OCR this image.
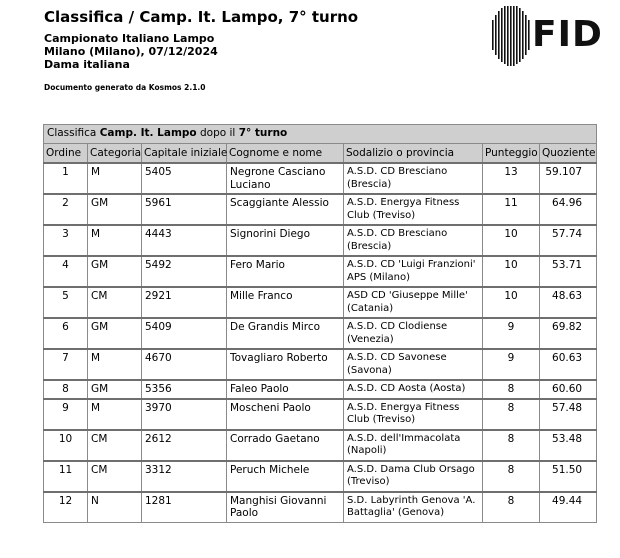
Classifica / Camp. It. Lampo, 7° turno
Campionato Italiano Lampo
Milano (Milano), 07/12/2024
Dama italiana
Documento generato da Kosmos 2.1.0
FID
Classifica Camp. It. Lampo dopo il 7° turno						
Ordine	Categoria	Capitale iniziale	Cognome e nome	Sodalizio o provincia	Punteggio	Quoziente
1	M	5405	Negrone Casciano Luciano	A.S.D. CD Bresciano (Brescia)	13	59.107
2	GM	5961	Scaggiante Alessio	A.S.D. Energya Fitness Club (Treviso)	11	64.96
3	M	4443	Signorini Diego	A.S.D. CD Bresciano (Brescia)	10	57.74
4	GM	5492	Fero Mario	A.S.D. CD 'Luigi Franzioni' APS (Milano)	10	53.71
5	CM	2921	Mille Franco	ASD CD 'Giuseppe Mille' (Catania)	10	48.63
6	GM	5409	De Grandis Mirco	A.S.D. CD Clodiense (Venezia)	9	69.82
7	M	4670	Tovagliaro Roberto	A.S.D. CD Savonese (Savona)	9	60.63
8	GM	5356	Faleo Paolo	A.S.D. CD Aosta (Aosta)	8	60.60
9	M	3970	Moscheni Paolo	A.S.D. Energya Fitness Club (Treviso)	8	57.48
10	CM	2612	Corrado Gaetano	A.S.D. dell'Immacolata (Napoli)	8	53.48
11	CM	3312	Peruch Michele	A.S.D. Dama Club Orsago (Treviso)	8	51.50
12	N	1281	Manghisi Giovanni Paolo	S.D. Labyrinth Genova 'A. Battaglia' (Genova)	8	49.44
